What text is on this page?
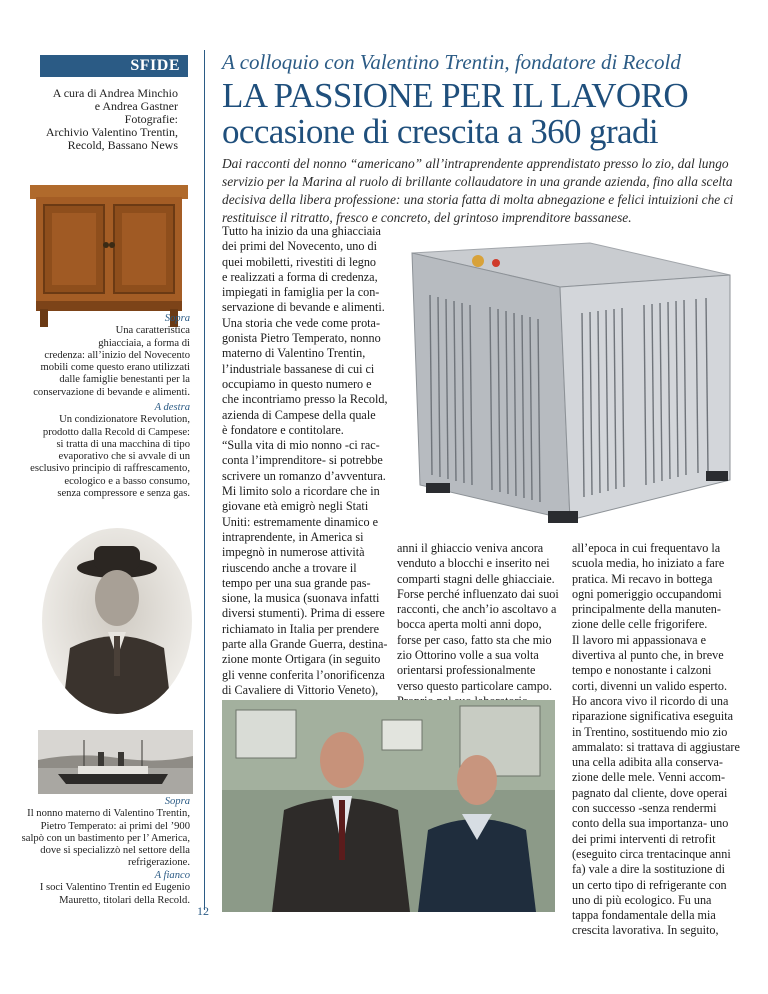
SFIDE
A cura di Andrea Minchio
e Andrea Gastner
Fotografie:
Archivio Valentino Trentin,
Recold, Bassano News
Sopra
Una caratteristica
ghiacciaia, a forma di
credenza: all’inizio del Novecento
mobili come questo erano utilizzati
dalle famiglie benestanti per la
conservazione di bevande e alimenti.
A destra
Un condizionatore Revolution,
prodotto dalla Recold di Campese:
si tratta di una macchina di tipo
evaporativo che si avvale di un
esclusivo principio di raffrescamento,
ecologico e a basso consumo,
senza compressore e senza gas.
Sopra
Il nonno materno di Valentino Trentin,
Pietro Temperato: ai primi del ’900
salpò con un bastimento per l’ America,
dove si specializzò nel settore della
refrigerazione.
A fianco
I soci Valentino Trentin ed Eugenio
Mauretto, titolari della Recold.
12
A colloquio con Valentino Trentin, fondatore di Recold
LA PASSIONE PER IL LAVORO
occasione di crescita a 360 gradi
Dai racconti del nonno “americano” all’intraprendente apprendistato presso lo zio, dal lungo servizio per la Marina al ruolo di brillante collaudatore in una grande azienda, fino alla scelta decisiva della libera professione: una storia fatta di molta abnegazione e felici intuizioni che ci restituisce il ritratto, fresco e concreto, del grintoso imprenditore bassanese.

Tutto ha inizio da una ghiacciaia

dei primi del Novecento, uno di

quei mobiletti, rivestiti di legno

e realizzati a forma di credenza,

impiegati in famiglia per la con-

servazione di bevande e alimenti.

Una storia che vede come prota-

gonista Pietro Temperato, nonno

materno di Valentino Trentin,

l’industriale bassanese di cui ci

occupiamo in questo numero e

che incontriamo presso la Recold,

azienda di Campese della quale

è fondatore e contitolare.

“Sulla vita di mio nonno -ci rac-

conta l’imprenditore- si potrebbe

scrivere un romanzo d’avventura.

Mi limito solo a ricordare che in

giovane età emigrò negli Stati

Uniti: estremamente dinamico e

intraprendente, in America si

impegnò in numerose attività

riuscendo anche a trovare il

tempo per una sua grande pas-

sione, la musica (suonava infatti

diversi stumenti). Prima di essere

richiamato in Italia per prendere

parte alla Grande Guerra, destina-

zione monte Ortigara (in seguito

gli venne conferita l’onorificenza

di Cavaliere di Vittorio Veneto),

anni il ghiaccio veniva ancora

venduto a blocchi e inserito nei

comparti stagni delle ghiacciaie.

Forse perché influenzato dai suoi

racconti, che anch’io ascoltavo a

bocca aperta molti anni dopo,

forse per caso, fatto sta che mio

zio Ottorino volle a sua volta

orientarsi professionalmente

verso questo particolare campo.

all’epoca in cui frequentavo la

scuola media, ho iniziato a fare

pratica. Mi recavo in bottega

ogni pomeriggio occupandomi

principalmente della manuten-

zione delle celle frigorifere.

Il lavoro mi appassionava e

divertiva al punto che, in breve

tempo e nonostante i calzoni

corti, divenni un valido esperto.

Ho ancora vivo il ricordo di una

riparazione significativa eseguita

in Trentino, sostituendo mio zio

ammalato: si trattava di aggiustare

una cella adibita alla conserva-

zione delle mele. Venni accom-

pagnato dal cliente, dove operai

con successo -senza rendermi

conto della sua importanza- uno

dei primi interventi di retrofit

(eseguito circa trentacinque anni

fa) vale a dire la sostituzione di

un certo tipo di refrigerante con

uno di più ecologico. Fu una

tappa fondamentale della mia

crescita lavorativa. In seguito,
